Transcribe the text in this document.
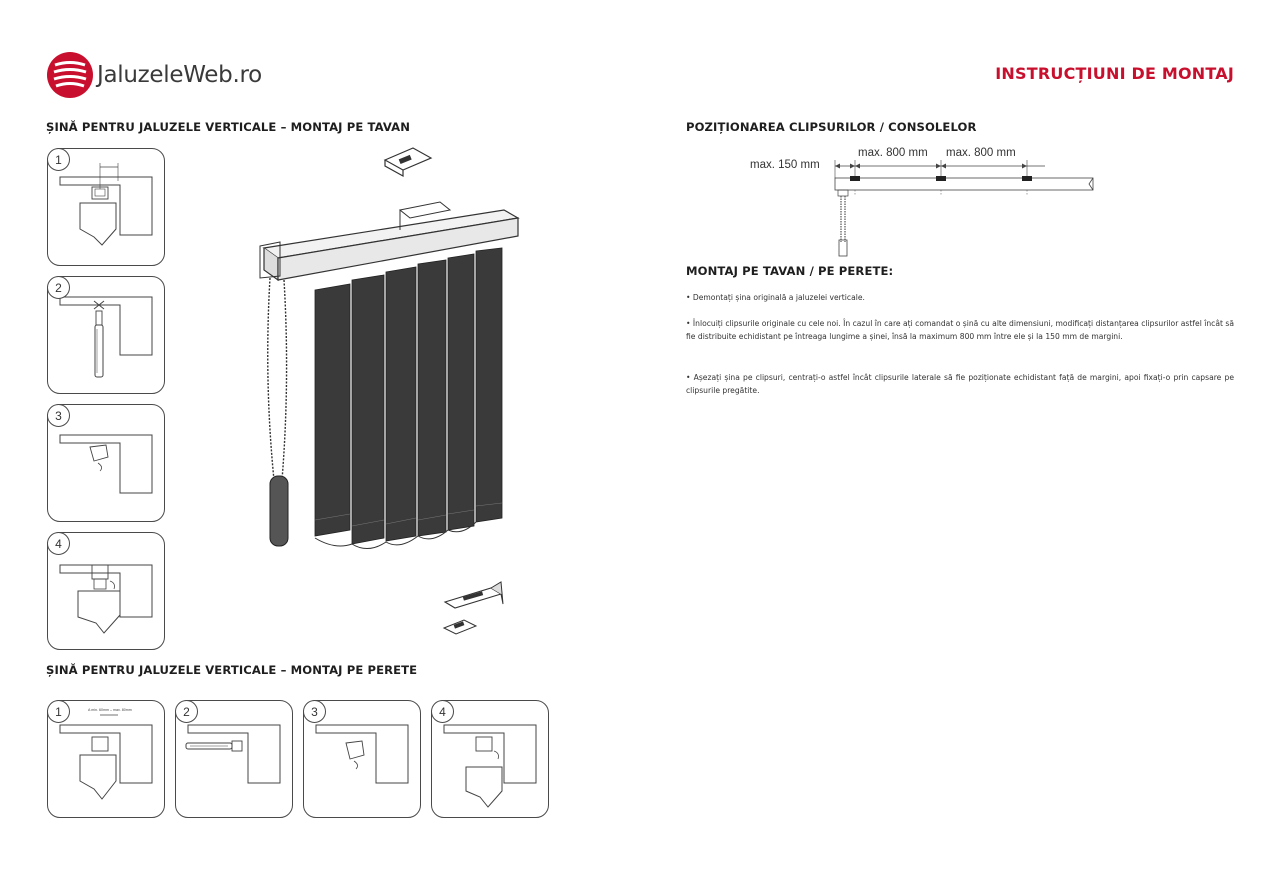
JaluzeleWeb.ro	INSTRUCȚIUNI DE MONTAJ
ȘINĂ PENTRU JALUZELE VERTICALE – MONTAJ PE TAVAN
ȘINĂ PENTRU JALUZELE VERTICALE – MONTAJ PE PERETE
1
2
3
4
A min. 60mm – max. 80mm
1	2	3	4
POZIȚIONAREA CLIPSURILOR / CONSOLELOR
max. 150 mm
max. 800 mm max. 800 mm
MONTAJ PE TAVAN / PE PERETE:
• Demontați șina originală a jaluzelei verticale.
• Înlocuiți clipsurile originale cu cele noi. În cazul în care ați comandat o șină cu alte dimensiuni, modificați distanțarea clipsurilor astfel încât să fie distribuite echidistant pe întreaga lungime a șinei, însă la maximum 800 mm între ele și la 150 mm de margini.
• Așezați șina pe clipsuri, centrați-o astfel încât clipsurile laterale să fie poziționate echidistant față de margini, apoi fixați-o prin capsare pe clipsurile pregătite.
